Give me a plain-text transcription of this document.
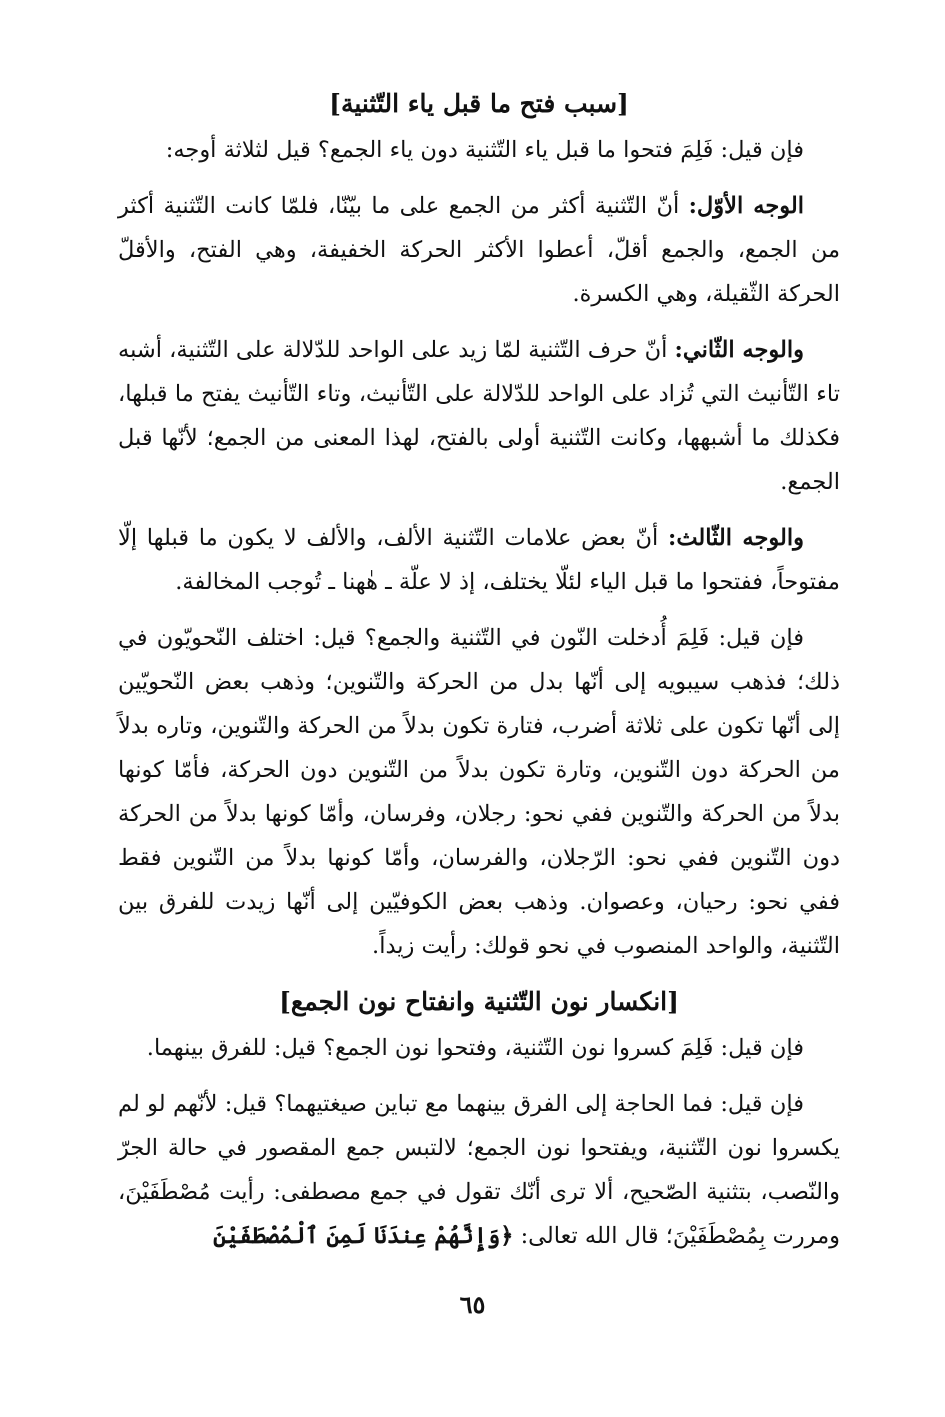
[سبب فتح ما قبل ياء التّثنية]

فإن قيل: فَلِمَ فتحوا ما قبل ياء التّثنية دون ياء الجمع؟ قيل لثلاثة أوجه:

الوجه الأوّل: أنّ التّثنية أكثر من الجمع على ما بيّنّا، فلمّا كانت التّثنية أكثر من الجمع، والجمع أقلّ، أعطوا الأكثر الحركة الخفيفة، وهي الفتح، والأقلّ الحركة الثّقيلة، وهي الكسرة.

والوجه الثّاني: أنّ حرف التّثنية لمّا زيد على الواحد للدّلالة على التّثنية، أشبه تاء التّأنيث التي تُزاد على الواحد للدّلالة على التّأنيث، وتاء التّأنيث يفتح ما قبلها، فكذلك ما أشبهها، وكانت التّثنية أولى بالفتح، لهذا المعنى من الجمع؛ لأنّها قبل الجمع.

والوجه الثّالث: أنّ بعض علامات التّثنية الألف، والألف لا يكون ما قبلها إلّا مفتوحاً، ففتحوا ما قبل الياء لئلّا يختلف، إذ لا علّة ـ هٰهنا ـ تُوجب المخالفة.

فإن قيل: فَلِمَ أُدخلت النّون في التّثنية والجمع؟ قيل: اختلف النّحويّون في ذلك؛ فذهب سيبويه إلى أنّها بدل من الحركة والتّنوين؛ وذهب بعض النّحويّين إلى أنّها تكون على ثلاثة أضرب، فتارة تكون بدلاً من الحركة والتّنوين، وتاره بدلاً من الحركة دون التّنوين، وتارة تكون بدلاً من التّنوين دون الحركة، فأمّا كونها بدلاً من الحركة والتّنوين ففي نحو: رجلان، وفرسان، وأمّا كونها بدلاً من الحركة دون التّنوين ففي نحو: الرّجلان، والفرسان، وأمّا كونها بدلاً من التّنوين فقط ففي نحو: رحيان، وعصوان. وذهب بعض الكوفيّين إلى أنّها زيدت للفرق بين التّثنية، والواحد المنصوب في نحو قولك: رأيت زيداً.

[انكسار نون التّثنية وانفتاح نون الجمع]

فإن قيل: فَلِمَ كسروا نون التّثنية، وفتحوا نون الجمع؟ قيل: للفرق بينهما.

فإن قيل: فما الحاجة إلى الفرق بينهما مع تباين صيغتيهما؟ قيل: لأنّهم لو لم يكسروا نون التّثنية، ويفتحوا نون الجمع؛ لالتبس جمع المقصور في حالة الجرّ والنّصب، بتثنية الصّحيح، ألا ترى أنّك تقول في جمع مصطفى: رأيت مُصْطَفَيْنَ، ومررت بِمُصْطَفَيْنَ؛ قال الله تعالى: ﴿وَإِنَّهُمْ عِندَنَا لَمِنَ ٱلْمُصْطَفَيْنَ

٦٥
